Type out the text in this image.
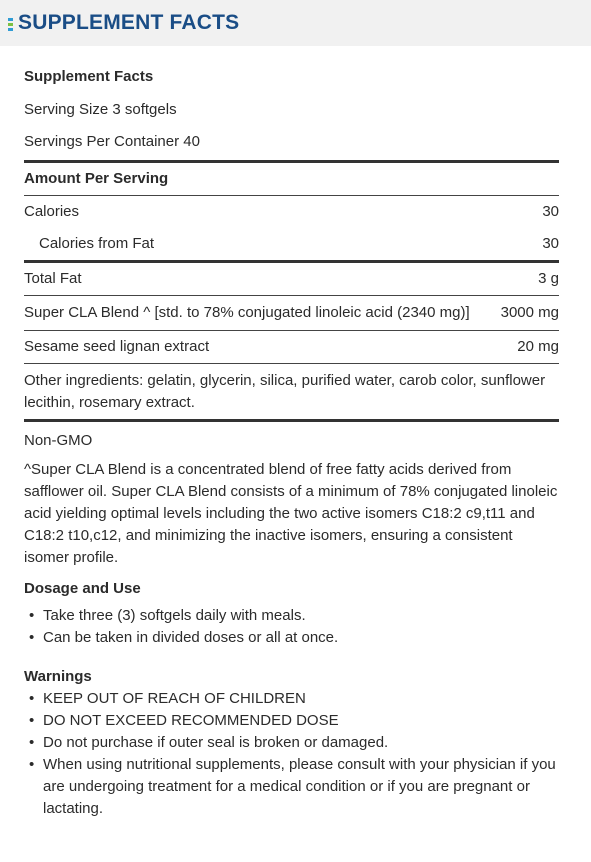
SUPPLEMENT FACTS
Supplement Facts
Serving Size 3 softgels
Servings Per Container 40
Amount Per Serving
Calories	30
Calories from Fat	30
Total Fat	3 g
Super CLA Blend ^ [std. to 78% conjugated linoleic acid (2340 mg)] 3000 mg
Sesame seed lignan extract	20 mg
Other ingredients: gelatin, glycerin, silica, purified water, carob color, sunflower lecithin, rosemary extract.
Non-GMO
^Super CLA Blend is a concentrated blend of free fatty acids derived from safflower oil. Super CLA Blend consists of a minimum of 78% conjugated linoleic acid yielding optimal levels including the two active isomers C18:2 c9,t11 and C18:2 t10,c12, and minimizing the inactive isomers, ensuring a consistent isomer profile.
Dosage and Use
• Take three (3) softgels daily with meals.
• Can be taken in divided doses or all at once.
Warnings
• KEEP OUT OF REACH OF CHILDREN
• DO NOT EXCEED RECOMMENDED DOSE
• Do not purchase if outer seal is broken or damaged.
• When using nutritional supplements, please consult with your physician if you are undergoing treatment for a medical condition or if you are pregnant or lactating.
